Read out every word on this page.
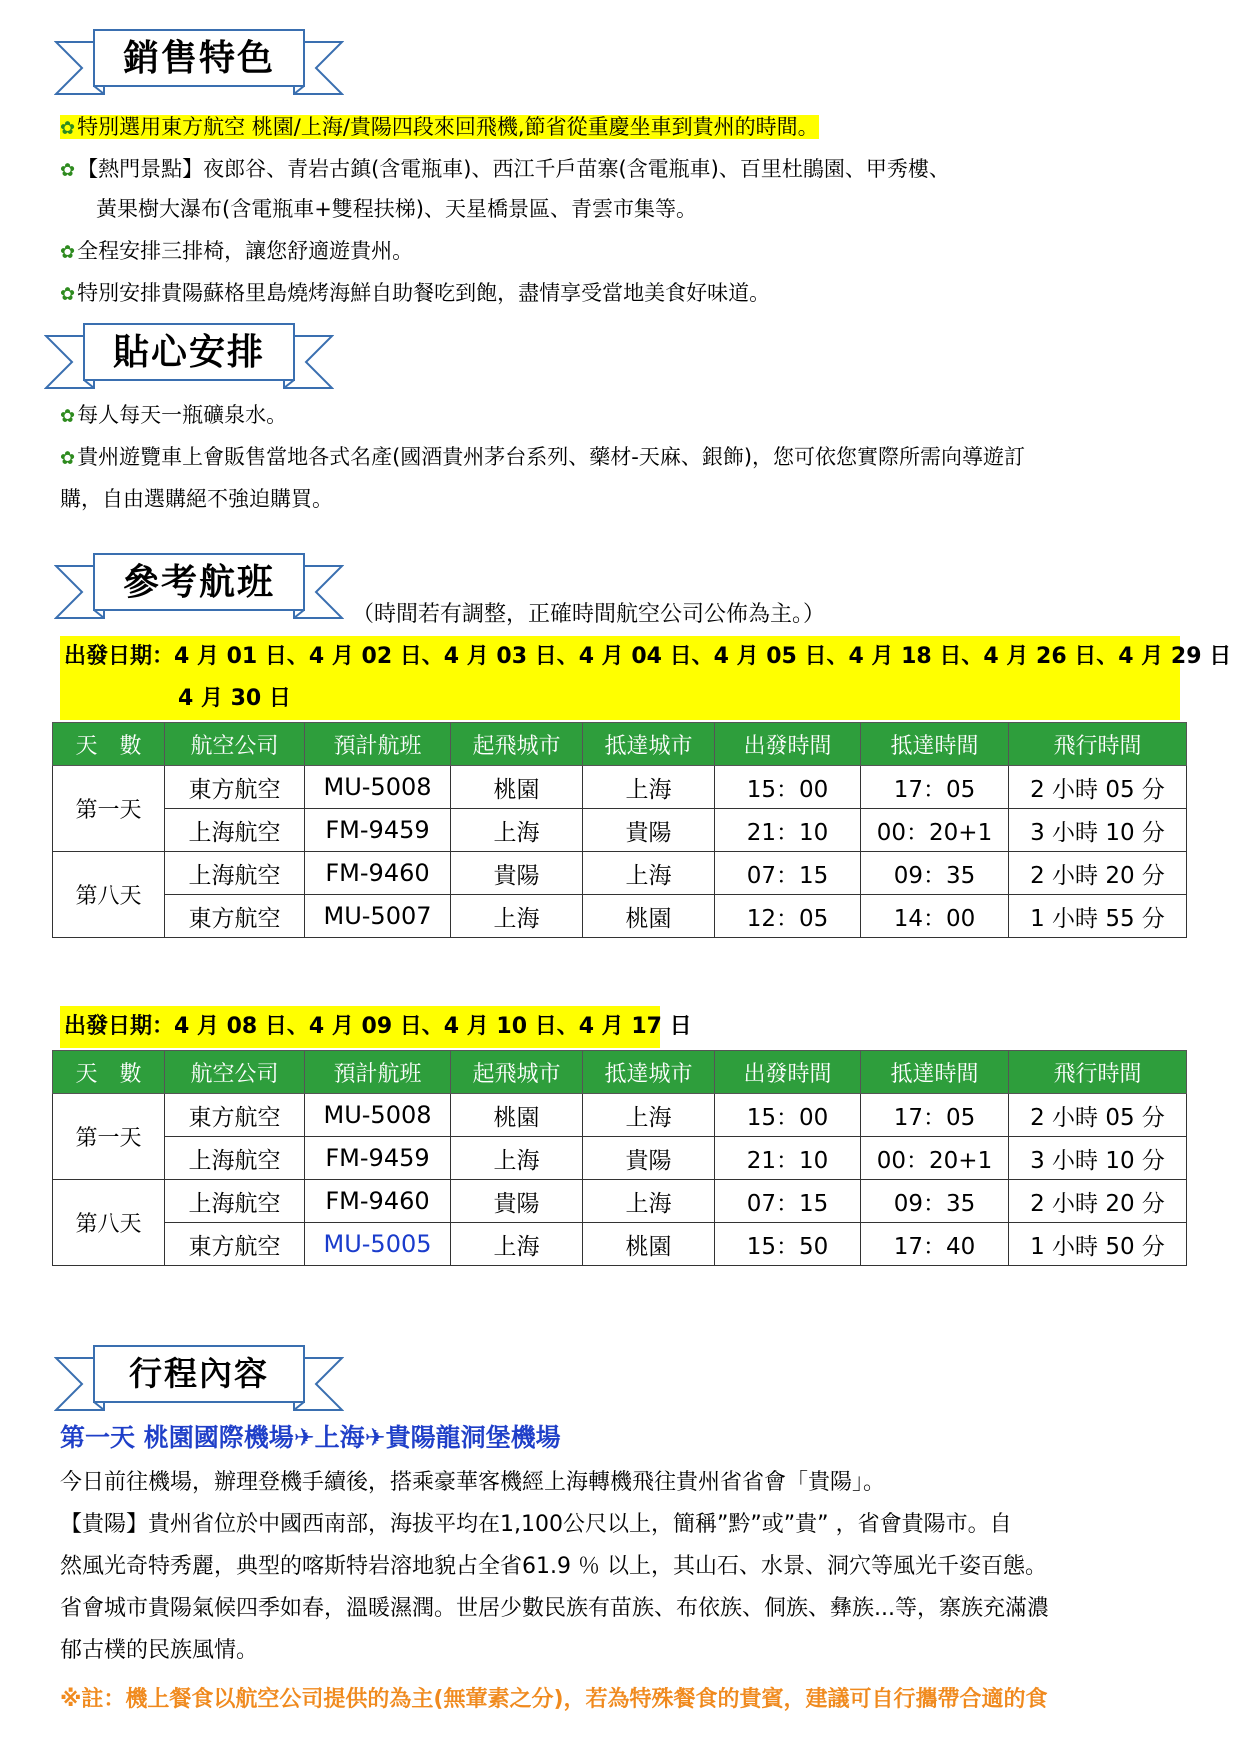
銷售特色
✿特別選用東方航空 桃園/上海/貴陽四段來回飛機,節省從重慶坐車到貴州的時間。
✿【熱門景點】夜郎谷、青岩古鎮(含電瓶車)、西江千戶苗寨(含電瓶車)、百里杜鵑園、甲秀樓、
黃果樹大瀑布(含電瓶車+雙程扶梯)、天星橋景區、青雲市集等。
✿全程安排三排椅，讓您舒適遊貴州。
✿特別安排貴陽蘇格里島燒烤海鮮自助餐吃到飽，盡情享受當地美食好味道。
貼心安排
✿每人每天一瓶礦泉水。
✿貴州遊覽車上會販售當地各式名產(國酒貴州茅台系列、藥材-天麻、銀飾)，您可依您實際所需向導遊訂
購，自由選購絕不強迫購買。
參考航班
（時間若有調整，正確時間航空公司公佈為主。）
出發日期：4 月 01 日、4 月 02 日、4 月 03 日、4 月 04 日、4 月 05 日、4 月 18 日、4 月 26 日、4 月 29 日
4 月 30 日
天　數	航空公司	預計航班	起飛城市	抵達城市	出發時間	抵達時間	飛行時間
第一天	東方航空	MU-5008	桃園	上海	15：00	17：05	2 小時 05 分
	上海航空	FM-9459	上海	貴陽	21：10	00：20+1	3 小時 10 分
第八天	上海航空	FM-9460	貴陽	上海	07：15	09：35	2 小時 20 分
	東方航空	MU-5007	上海	桃園	12：05	14：00	1 小時 55 分
出發日期：4 月 08 日、4 月 09 日、4 月 10 日、4 月 17 日
天　數	航空公司	預計航班	起飛城市	抵達城市	出發時間	抵達時間	飛行時間
第一天	東方航空	MU-5008	桃園	上海	15：00	17：05	2 小時 05 分
	上海航空	FM-9459	上海	貴陽	21：10	00：20+1	3 小時 10 分
第八天	上海航空	FM-9460	貴陽	上海	07：15	09：35	2 小時 20 分
	東方航空	MU-5005	上海	桃園	15：50	17：40	1 小時 50 分
行程內容
第一天 桃園國際機場✈上海✈貴陽龍洞堡機場
今日前往機場，辦理登機手續後，搭乘豪華客機經上海轉機飛往貴州省省會「貴陽」。
【貴陽】貴州省位於中國西南部，海拔平均在1,100公尺以上，簡稱”黔”或”貴” ，省會貴陽市。自
然風光奇特秀麗，典型的喀斯特岩溶地貌占全省61.9 ％ 以上，其山石、水景、洞穴等風光千姿百態。
省會城市貴陽氣候四季如春，溫暖濕潤。世居少數民族有苗族、布依族、侗族、彝族...等，寨族充滿濃
郁古樸的民族風情。
※註：機上餐食以航空公司提供的為主(無葷素之分)，若為特殊餐食的貴賓，建議可自行攜帶合適的食
